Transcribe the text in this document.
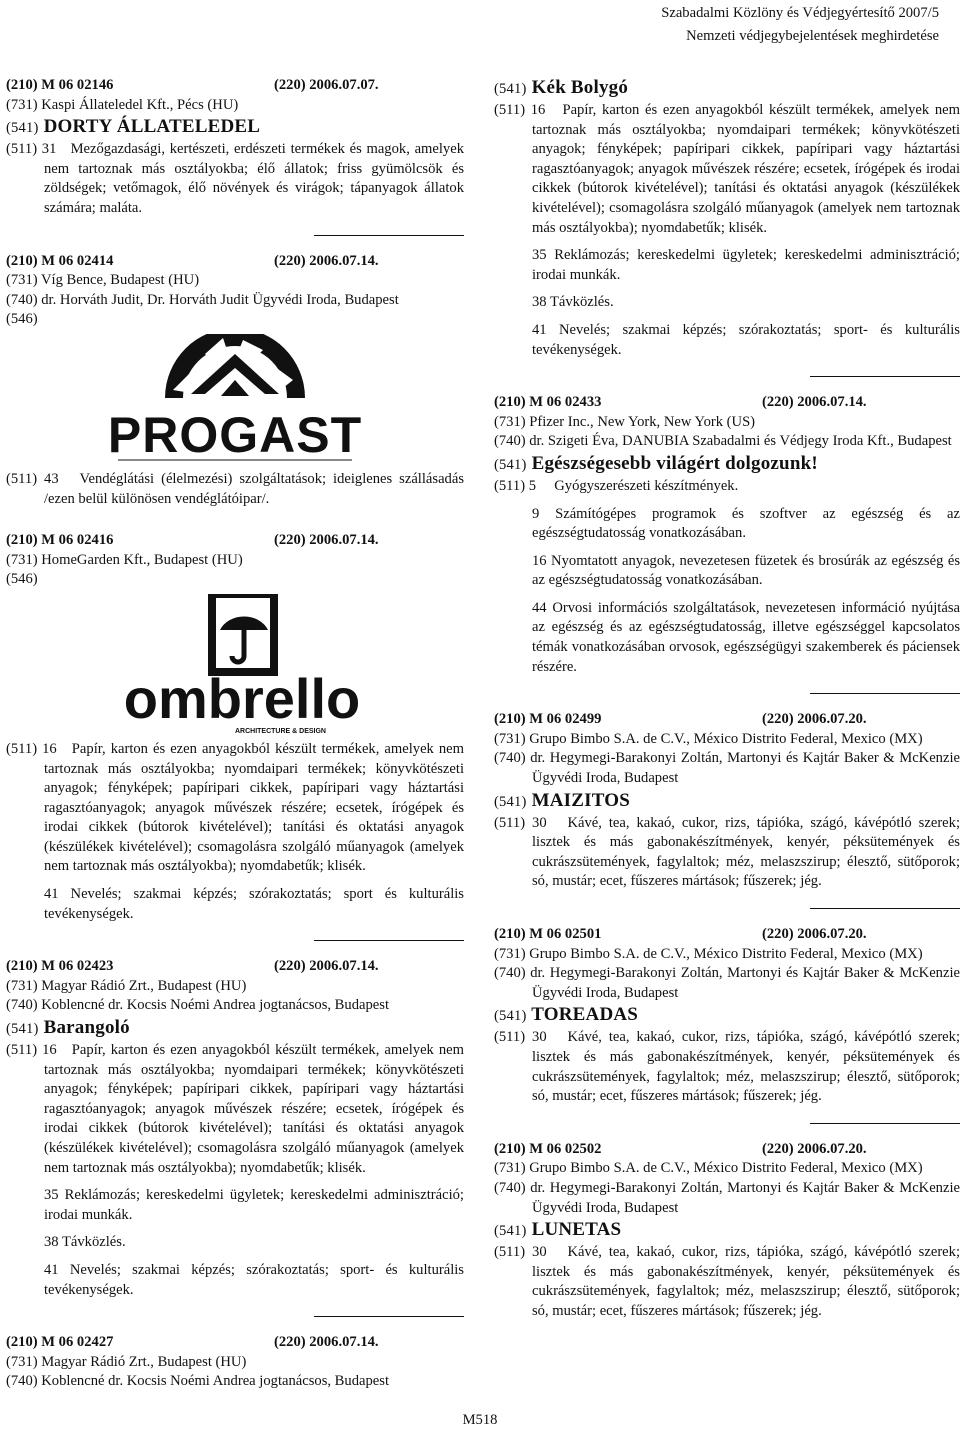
Szabadalmi Közlöny és Védjegyértesítő 2007/5
Nemzeti védjegybejelentések meghirdetése
(210) M 06 02146	(220) 2006.07.07.
(731) Kaspi Állateledel Kft., Pécs (HU)
(541) DORTY ÁLLATELEDEL
(511) 31 Mezőgazdasági, kertészeti, erdészeti termékek és magok, amelyek nem tartoznak más osztályokba; élő állatok; friss gyümölcsök és zöldségek; vetőmagok, élő növények és virágok; tápanyagok állatok számára; maláta.
(210) M 06 02414	(220) 2006.07.14.
(731) Víg Bence, Budapest (HU)
(740) dr. Horváth Judit, Dr. Horváth Judit Ügyvédi Iroda, Budapest
(546)
PROGAST
(511) 43 Vendéglátási (élelmezési) szolgáltatások; ideiglenes szállásadás /ezen belül különösen vendéglátóipar/.
(210) M 06 02416	(220) 2006.07.14.
(731) HomeGarden Kft., Budapest (HU)
(546)
ombrello
ARCHITECTURE & DESIGN
(511) 16 Papír, karton és ezen anyagokból készült termékek, amelyek nem tartoznak más osztályokba; nyomdaipari termékek; könyvkötészeti anyagok; fényképek; papíripari cikkek, papíripari vagy háztartási ragasztóanyagok; anyagok művészek részére; ecsetek, írógépek és irodai cikkek (bútorok kivételével); tanítási és oktatási anyagok (készülékek kivételével); csomagolásra szolgáló műanyagok (amelyek nem tartoznak más osztályokba); nyomdabetűk; klisék.
41 Nevelés; szakmai képzés; szórakoztatás; sport és kulturális tevékenységek.
(210) M 06 02423	(220) 2006.07.14.
(731) Magyar Rádió Zrt., Budapest (HU)
(740) Koblencné dr. Kocsis Noémi Andrea jogtanácsos, Budapest
(541) Barangoló
(511) 16 Papír, karton és ezen anyagokból készült termékek, amelyek nem tartoznak más osztályokba; nyomdaipari termékek; könyvkötészeti anyagok; fényképek; papíripari cikkek, papíripari vagy háztartási ragasztóanyagok; anyagok művészek részére; ecsetek, írógépek és irodai cikkek (bútorok kivételével); tanítási és oktatási anyagok (készülékek kivételével); csomagolásra szolgáló műanyagok (amelyek nem tartoznak más osztályokba); nyomdabetűk; klisék.
35 Reklámozás; kereskedelmi ügyletek; kereskedelmi adminisztráció; irodai munkák.
38 Távközlés.
41 Nevelés; szakmai képzés; szórakoztatás; sport- és kulturális tevékenységek.
(210) M 06 02427	(220) 2006.07.14.
(731) Magyar Rádió Zrt., Budapest (HU)
(740) Koblencné dr. Kocsis Noémi Andrea jogtanácsos, Budapest
(541) Kék Bolygó
(511) 16 Papír, karton és ezen anyagokból készült termékek, amelyek nem tartoznak más osztályokba; nyomdaipari termékek; könyvkötészeti anyagok; fényképek; papíripari cikkek, papíripari vagy háztartási ragasztóanyagok; anyagok művészek részére; ecsetek, írógépek és irodai cikkek (bútorok kivételével); tanítási és oktatási anyagok (készülékek kivételével); csomagolásra szolgáló műanyagok (amelyek nem tartoznak más osztályokba); nyomdabetűk; klisék.
35 Reklámozás; kereskedelmi ügyletek; kereskedelmi adminisztráció; irodai munkák.
38 Távközlés.
41 Nevelés; szakmai képzés; szórakoztatás; sport- és kulturális tevékenységek.
(210) M 06 02433	(220) 2006.07.14.
(731) Pfizer Inc., New York, New York (US)
(740) dr. Szigeti Éva, DANUBIA Szabadalmi és Védjegy Iroda Kft., Budapest
(541) Egészségesebb világért dolgozunk!
(511) 5 Gyógyszerészeti készítmények.
9 Számítógépes programok és szoftver az egészség és az egészségtudatosság vonatkozásában.
16 Nyomtatott anyagok, nevezetesen füzetek és brosúrák az egészség és az egészségtudatosság vonatkozásában.
44 Orvosi információs szolgáltatások, nevezetesen információ nyújtása az egészség és az egészségtudatosság, illetve egészséggel kapcsolatos témák vonatkozásában orvosok, egészségügyi szakemberek és páciensek részére.
(210) M 06 02499	(220) 2006.07.20.
(731) Grupo Bimbo S.A. de C.V., México Distrito Federal, Mexico (MX)
(740) dr. Hegymegi-Barakonyi Zoltán, Martonyi és Kajtár Baker & McKenzie Ügyvédi Iroda, Budapest
(541) MAIZITOS
(511) 30 Kávé, tea, kakaó, cukor, rizs, tápióka, szágó, kávépótló szerek; lisztek és más gabonakészítmények, kenyér, péksütemények és cukrászsütemények, fagylaltok; méz, melaszszirup; élesztő, sütőporok; só, mustár; ecet, fűszeres mártások; fűszerek; jég.
(210) M 06 02501	(220) 2006.07.20.
(731) Grupo Bimbo S.A. de C.V., México Distrito Federal, Mexico (MX)
(740) dr. Hegymegi-Barakonyi Zoltán, Martonyi és Kajtár Baker & McKenzie Ügyvédi Iroda, Budapest
(541) TOREADAS
(511) 30 Kávé, tea, kakaó, cukor, rizs, tápióka, szágó, kávépótló szerek; lisztek és más gabonakészítmények, kenyér, péksütemények és cukrászsütemények, fagylaltok; méz, melaszszirup; élesztő, sütőporok; só, mustár; ecet, fűszeres mártások; fűszerek; jég.
(210) M 06 02502	(220) 2006.07.20.
(731) Grupo Bimbo S.A. de C.V., México Distrito Federal, Mexico (MX)
(740) dr. Hegymegi-Barakonyi Zoltán, Martonyi és Kajtár Baker & McKenzie Ügyvédi Iroda, Budapest
(541) LUNETAS
(511) 30 Kávé, tea, kakaó, cukor, rizs, tápióka, szágó, kávépótló szerek; lisztek és más gabonakészítmények, kenyér, péksütemények és cukrászsütemények, fagylaltok; méz, melaszszirup; élesztő, sütőporok; só, mustár; ecet, fűszeres mártások; fűszerek; jég.
M518
